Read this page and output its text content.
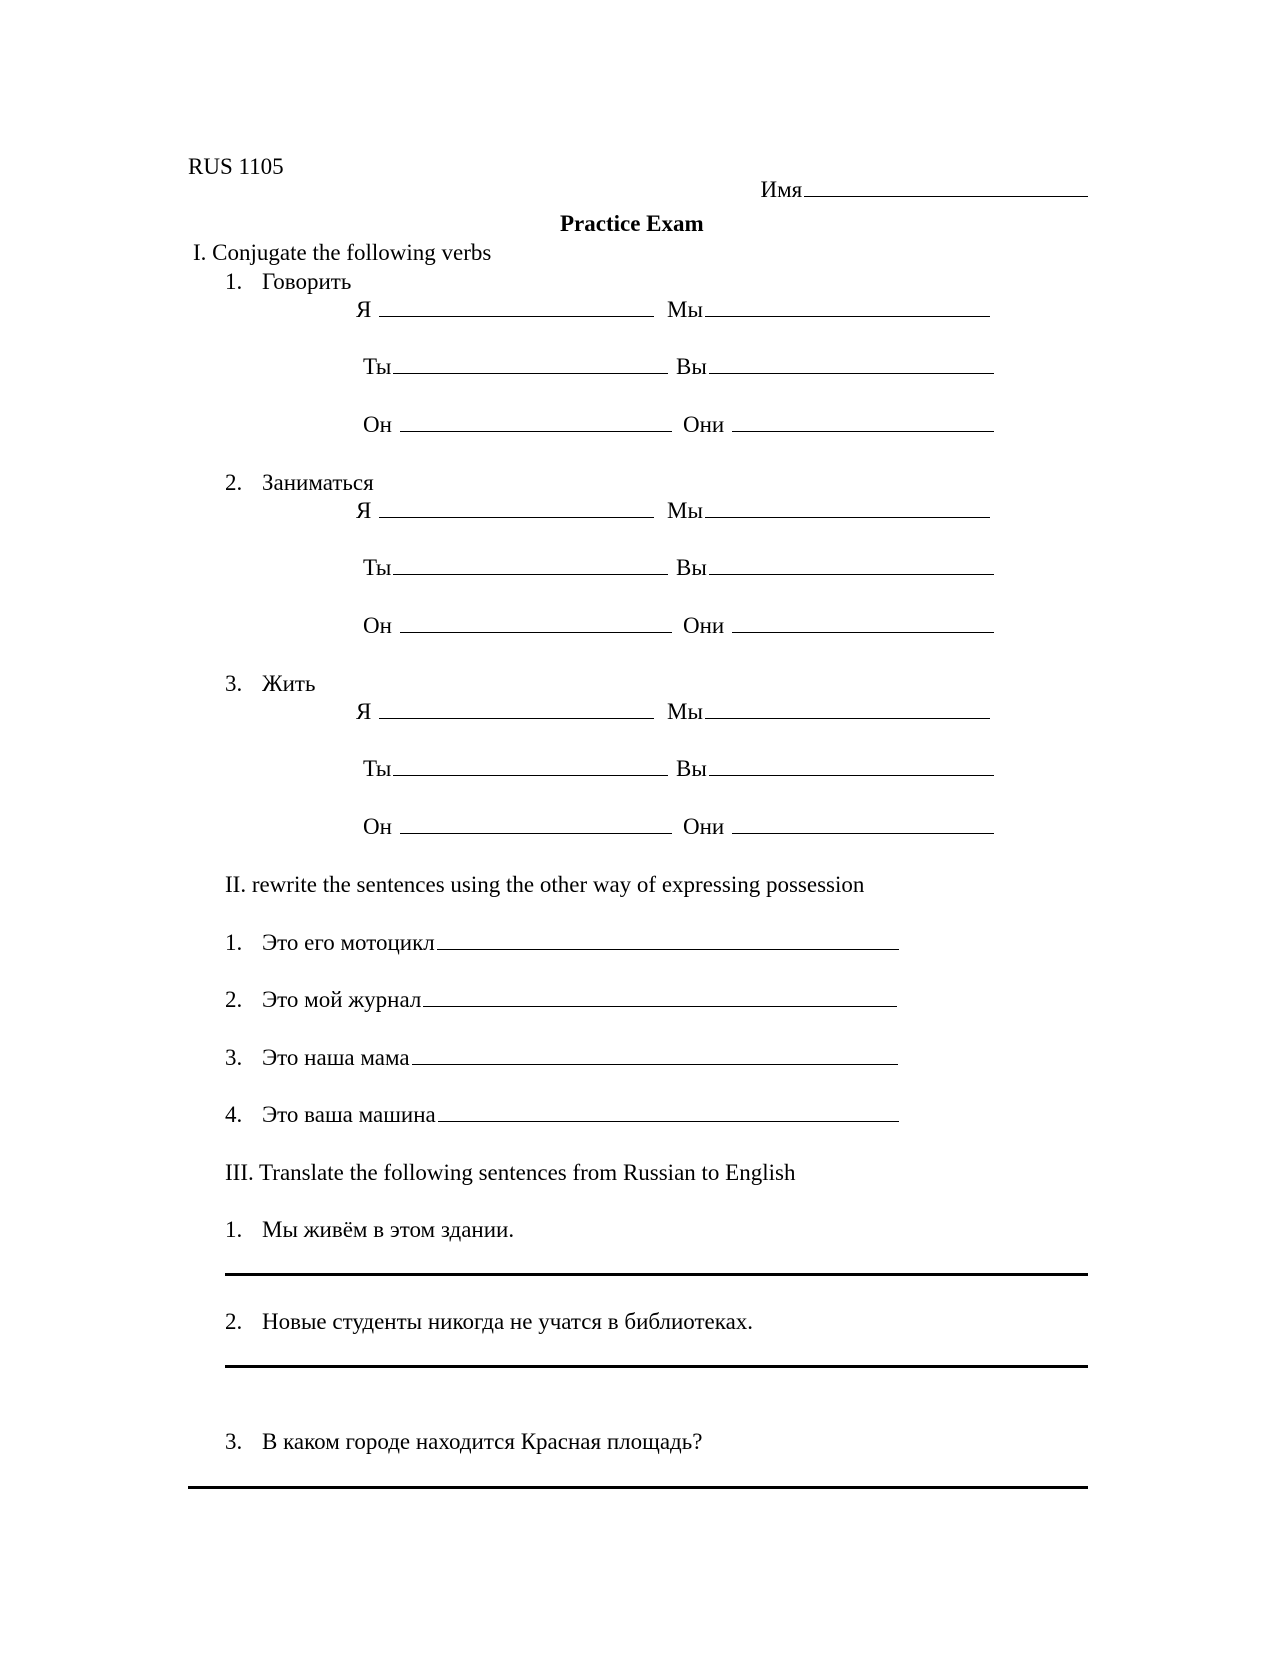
RUS 1105

Имя

Practice Exam
I. Conjugate the following verbs
1. Говорить
Я	Мы
Ты	Вы
Он	Они
2. Заниматься
Я	Мы
Ты	Вы
Он	Они
3. Жить
Я	Мы
Ты	Вы
Он	Они
II. rewrite the sentences using the other way of expressing possession
1. Это его мотоцикл
2. Это мой журнал
3. Это наша мама
4. Это ваша машина
III. Translate the following sentences from Russian to English
1. Мы живём в этом здании.
2. Новые студенты никогда не учатся в библиотеках.
3. В каком городе находится Красная площадь?
